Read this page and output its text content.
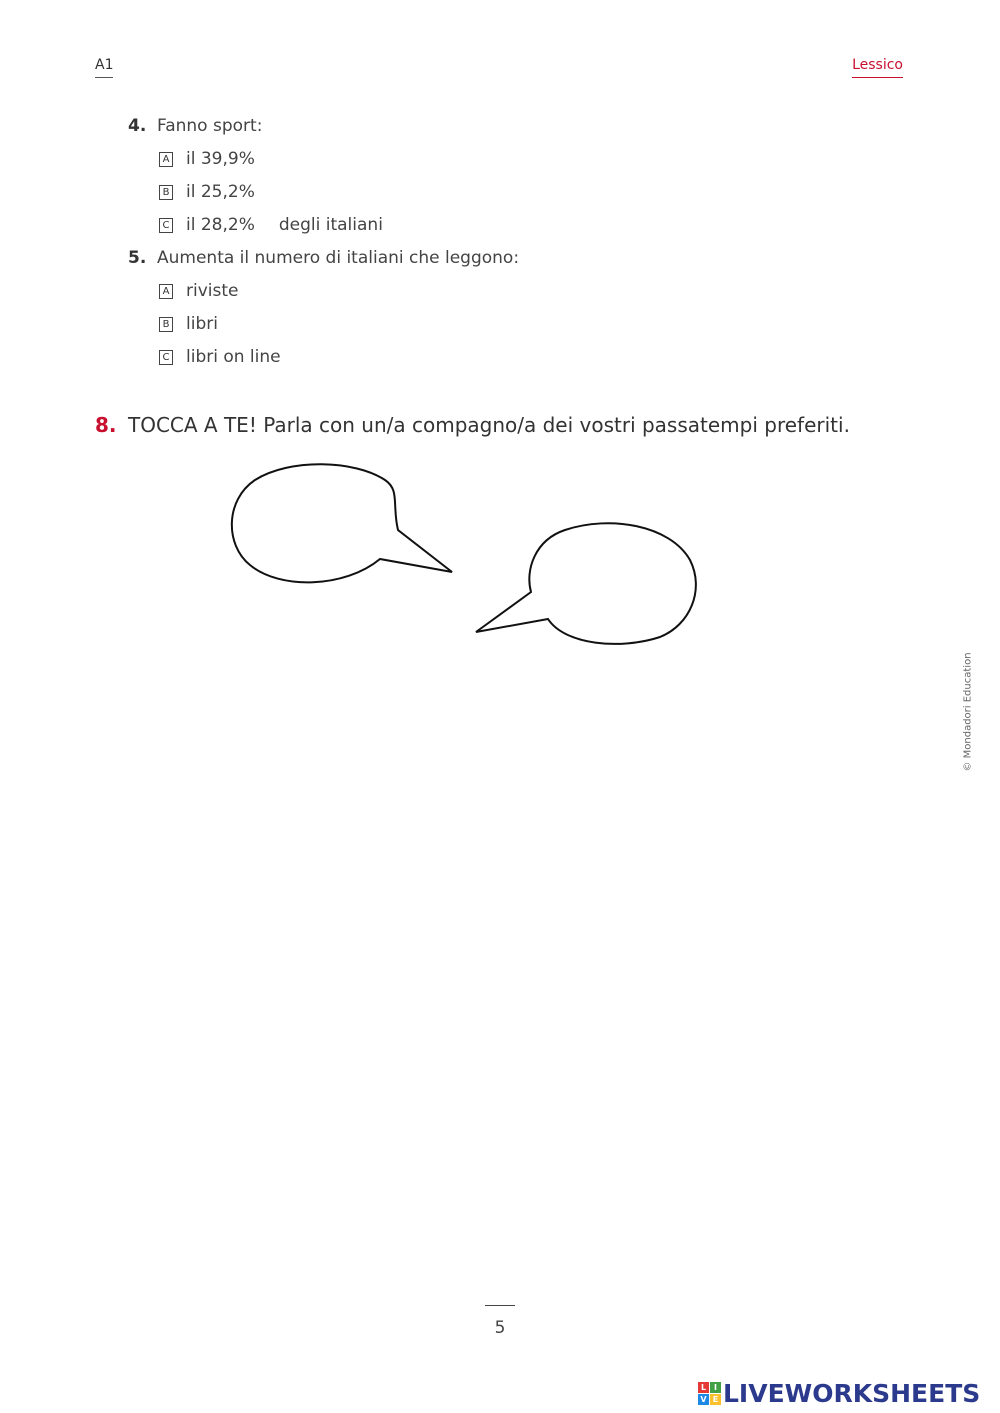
A1	Lessico
4. Fanno sport:
A il 39,9%
B il 25,2%
C il 28,2% degli italiani
5. Aumenta il numero di italiani che leggono:
A riviste
B libri
C libri on line
8. TOCCA A TE! Parla con un/a compagno/a dei vostri passatempi preferiti.
© Mondadori Education
5
L I
V E LIVEWORKSHEETS
